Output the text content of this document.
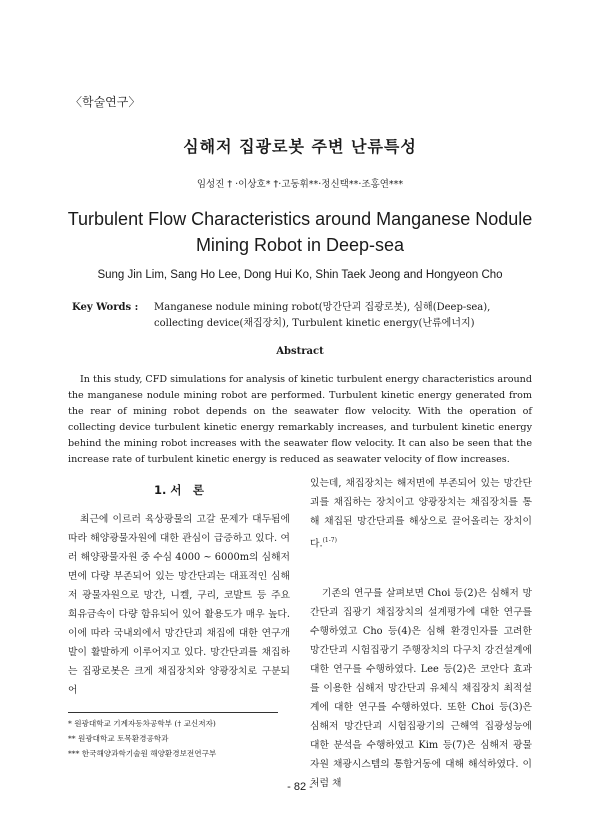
〈학술연구〉
심해저 집광로봇 주변 난류특성
임성진 † ·이상호* †·고동휘**·정신택**·조홍연***
Turbulent Flow Characteristics around Manganese Nodule Mining Robot in Deep-sea
Sung Jin Lim, Sang Ho Lee, Dong Hui Ko, Shin Taek Jeong and Hongyeon Cho
Key Words :	Manganese nodule mining robot(망간단괴 집광로봇), 심해(Deep-sea), collecting device(채집장치), Turbulent kinetic energy(난류에너지)
Abstract
In this study, CFD simulations for analysis of kinetic turbulent energy characteristics around the manganese nodule mining robot are performed. Turbulent kinetic energy generated from the rear of mining robot depends on the seawater flow velocity. With the operation of collecting device turbulent kinetic energy remarkably increases, and turbulent kinetic energy behind the mining robot increases with the seawater flow velocity. It can also be seen that the increase rate of turbulent kinetic energy is reduced as seawater velocity of flow increases.
1. 서　론
최근에 이르러 육상광물의 고갈 문제가 대두됨에 따라 해양광물자원에 대한 관심이 급증하고 있다. 여러 해양광물자원 중 수심 4000 ~ 6000m의 심해저면에 다량 부존되어 있는 망간단괴는 대표적인 심해저 광물자원으로 망간, 니켈, 구리, 코발트 등 주요 희유금속이 다량 함유되어 있어 활용도가 매우 높다. 이에 따라 국내외에서 망간단괴 채집에 대한 연구개발이 활발하게 이루어지고 있다. 망간단괴를 채집하는 집광로봇은 크게 채집장치와 양광장치로 구분되어
있는데, 채집장치는 해저면에 부존되어 있는 망간단괴를 채집하는 장치이고 양광장치는 채집장치를 통해 채집된 망간단괴를 해상으로 끌어올리는 장치이다.$^{(1-7)}$
기존의 연구를 살펴보면 Choi 등(2)은 심해저 망간단괴 집광기 채집장치의 설계평가에 대한 연구를 수행하였고 Cho 등(4)은 심해 환경인자를 고려한 망간단괴 시험집광기 주행장치의 다구치 강건설계에 대한 연구를 수행하였다. Lee 등(2)은 코안다 효과를 이용한 심해저 망간단괴 유체식 채집장치 최적설계에 대한 연구를 수행하였다. 또한 Choi 등(3)은 심해저 망간단괴 시험집광기의 근해역 집광성능에 대한 분석을 수행하였고 Kim 등(7)은 심해저 광물자원 채광시스템의 통합거동에 대해 해석하였다. 이처럼 채
* 원광대학교 기계자동차공학부 († 교신저자)
** 원광대학교 토목환경공학과
*** 한국해양과학기술원 해양환경보전연구부
- 82 -
